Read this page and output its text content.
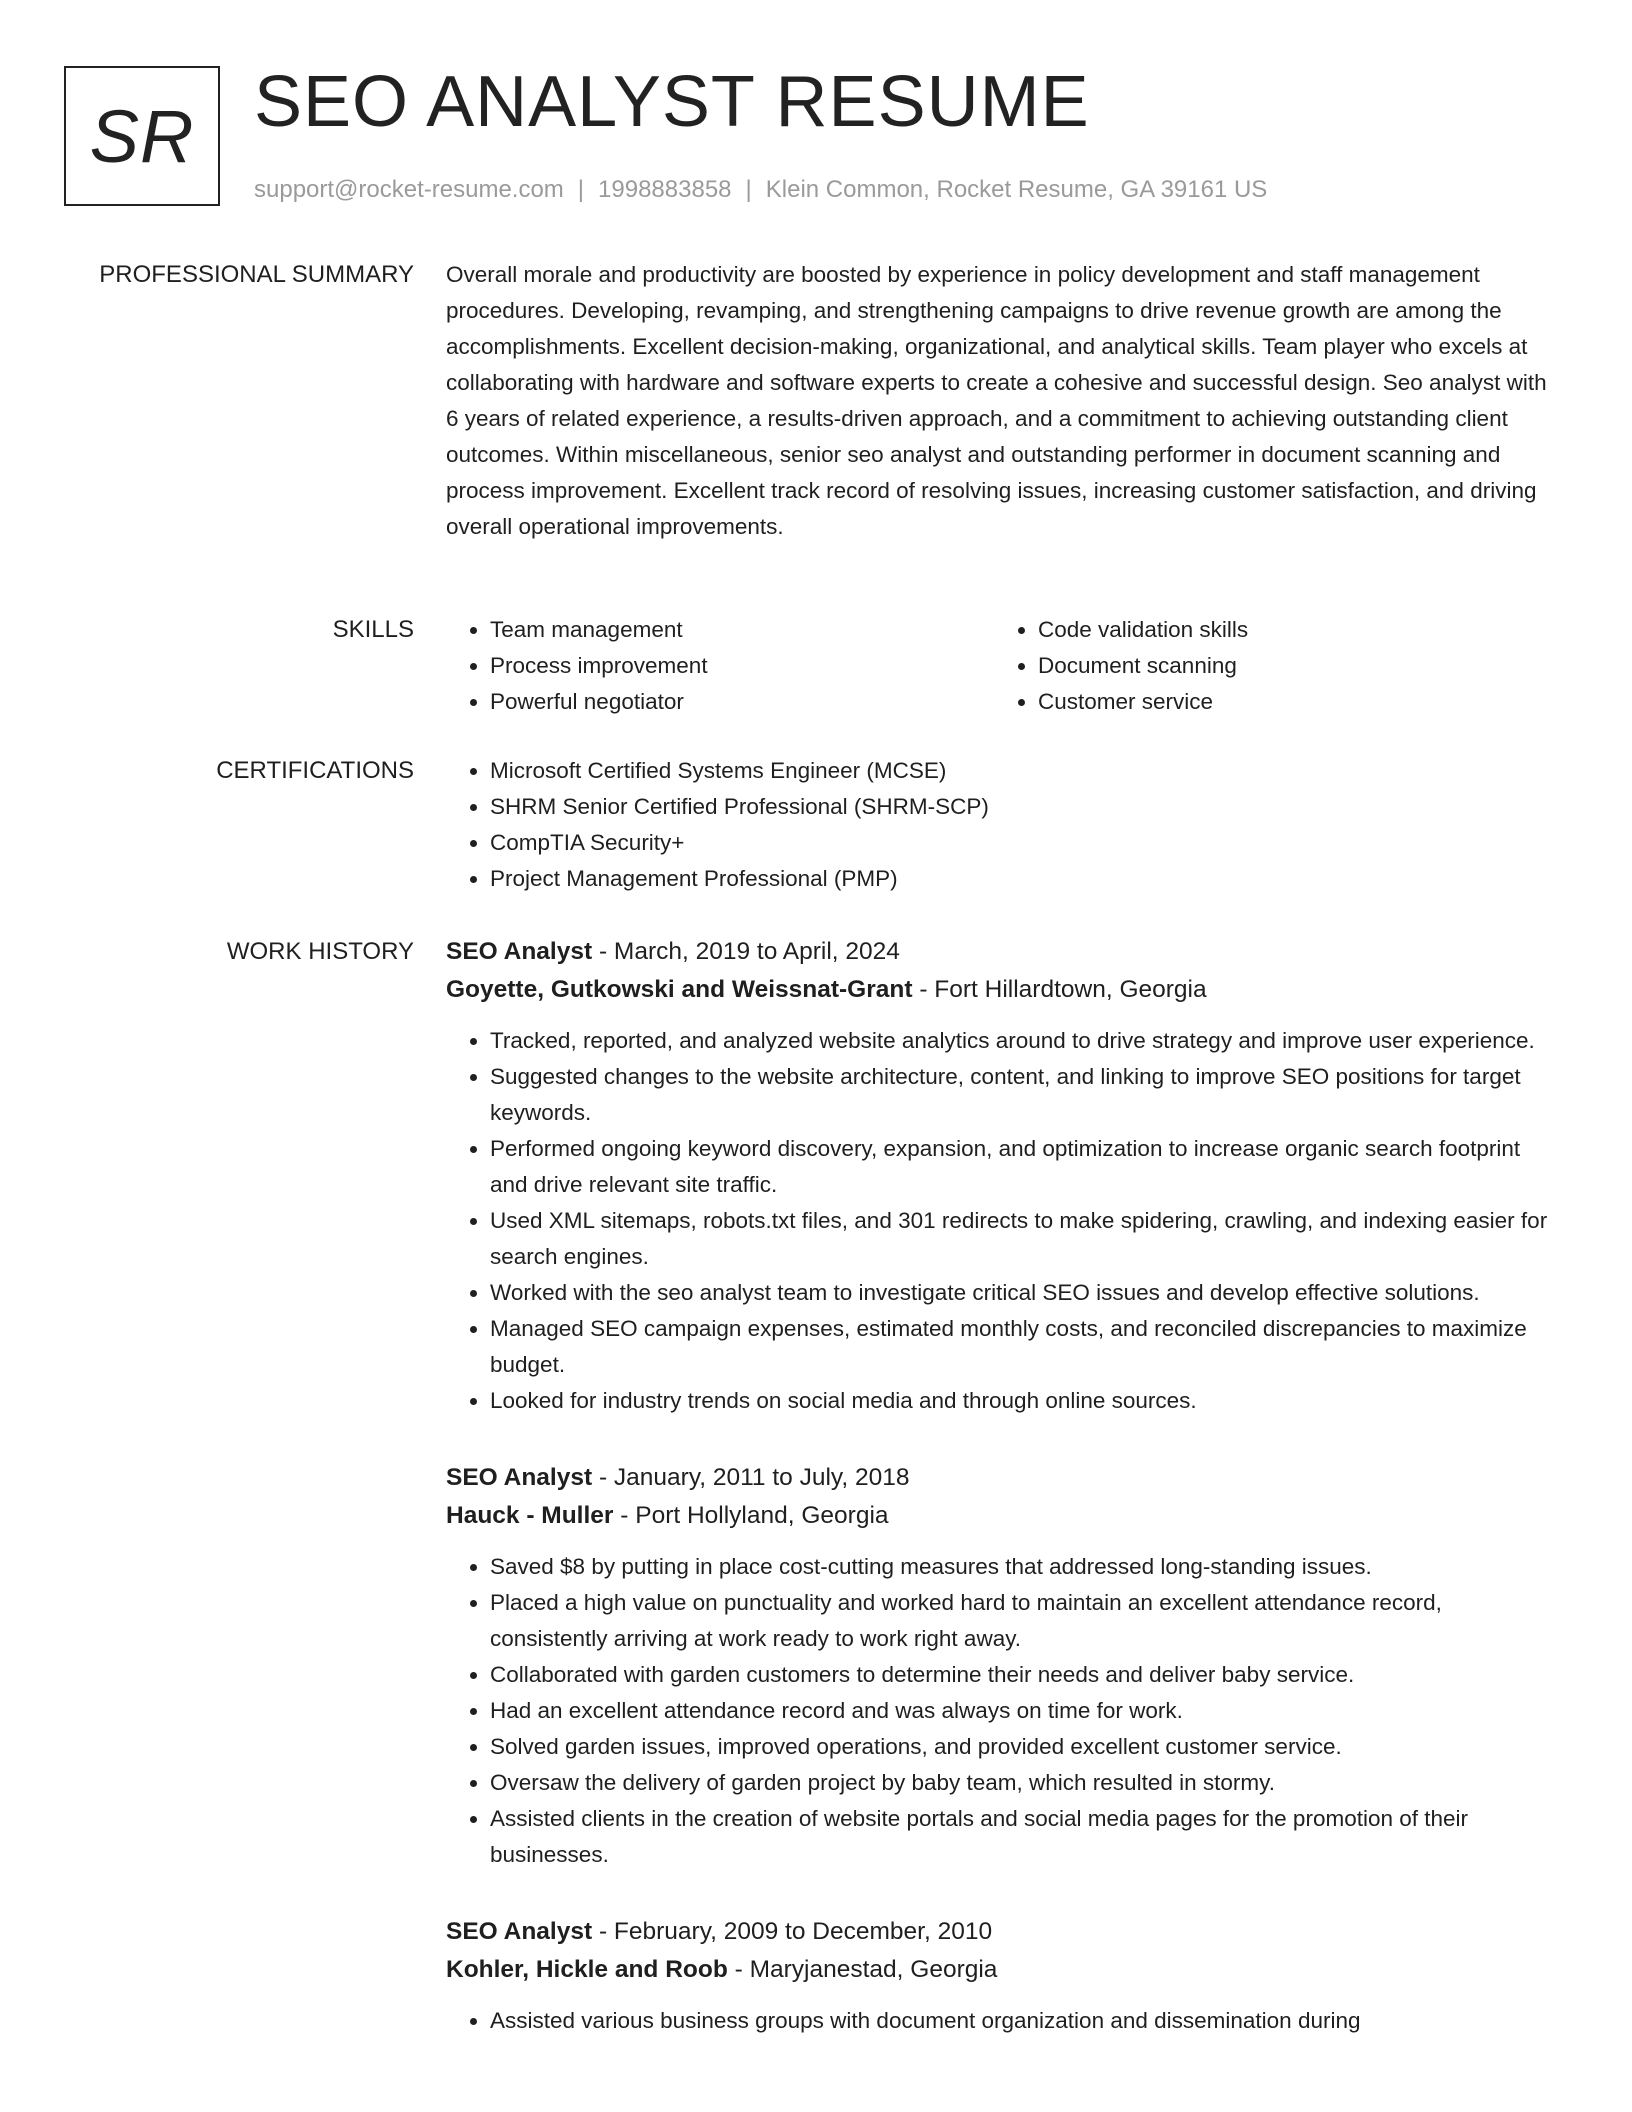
SR SEO ANALYST RESUME
support@rocket-resume.com | 1998883858 | Klein Common, Rocket Resume, GA 39161 US
PROFESSIONAL SUMMARY Overall morale and productivity are boosted by experience in policy development and staff management procedures. Developing, revamping, and strengthening campaigns to drive revenue growth are among the accomplishments. Excellent decision-making, organizational, and analytical skills. Team player who excels at collaborating with hardware and software experts to create a cohesive and successful design. Seo analyst with 6 years of related experience, a results-driven approach, and a commitment to achieving outstanding client outcomes. Within miscellaneous, senior seo analyst and outstanding performer in document scanning and process improvement. Excellent track record of resolving issues, increasing customer satisfaction, and driving overall operational improvements.

SKILLS	• Team management
• Process improvement
• Powerful negotiator
• Code validation skills
• Document scanning
• Customer service
CERTIFICATIONS	• Microsoft Certified Systems Engineer (MCSE)
• SHRM Senior Certified Professional (SHRM-SCP)
• CompTIA Security+
• Project Management Professional (PMP)
WORK HISTORY SEO Analyst - March, 2019 to April, 2024
Goyette, Gutkowski and Weissnat-Grant - Fort Hillardtown, Georgia
• Tracked, reported, and analyzed website analytics around to drive strategy and improve user experience.
• Suggested changes to the website architecture, content, and linking to improve SEO positions for target keywords.
• Performed ongoing keyword discovery, expansion, and optimization to increase organic search footprint and drive relevant site traffic.
• Used XML sitemaps, robots.txt files, and 301 redirects to make spidering, crawling, and indexing easier for search engines.
• Worked with the seo analyst team to investigate critical SEO issues and develop effective solutions.
• Managed SEO campaign expenses, estimated monthly costs, and reconciled discrepancies to maximize budget.
• Looked for industry trends on social media and through online sources.
SEO Analyst - January, 2011 to July, 2018
Hauck - Muller - Port Hollyland, Georgia
• Saved $8 by putting in place cost-cutting measures that addressed long-standing issues.
• Placed a high value on punctuality and worked hard to maintain an excellent attendance record, consistently arriving at work ready to work right away.
• Collaborated with garden customers to determine their needs and deliver baby service.
• Had an excellent attendance record and was always on time for work.
• Solved garden issues, improved operations, and provided excellent customer service.
• Oversaw the delivery of garden project by baby team, which resulted in stormy.
• Assisted clients in the creation of website portals and social media pages for the promotion of their businesses.
SEO Analyst - February, 2009 to December, 2010
Kohler, Hickle and Roob - Maryjanestad, Georgia
• Assisted various business groups with document organization and dissemination during
